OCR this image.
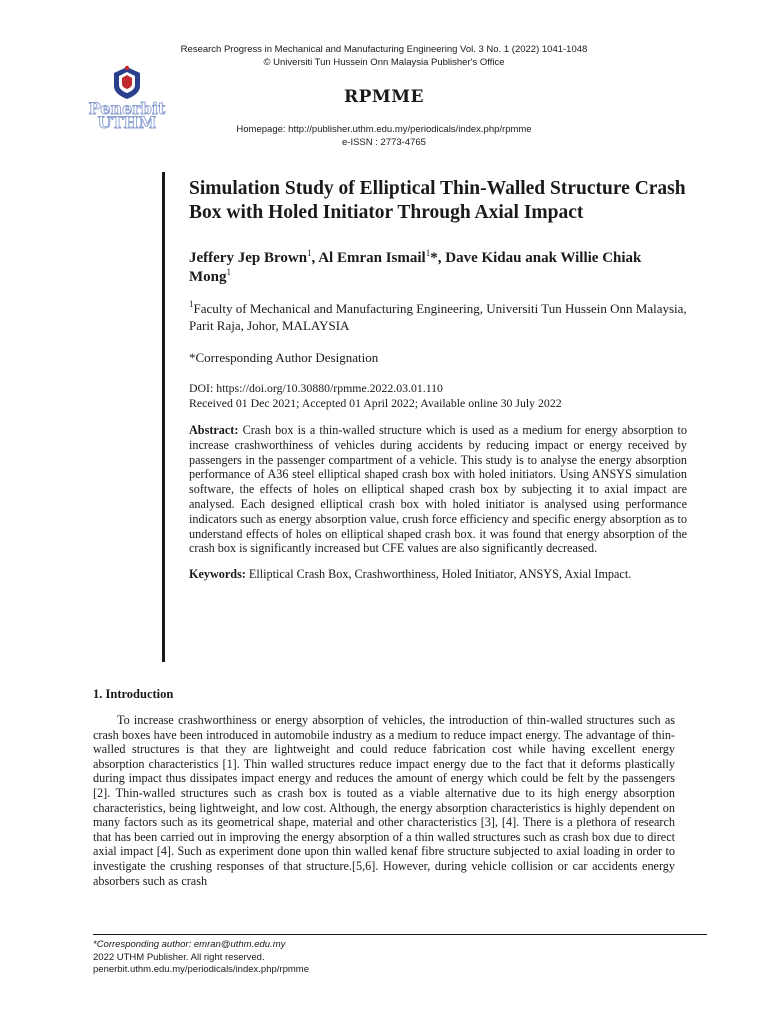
Research Progress in Mechanical and Manufacturing Engineering Vol. 3 No. 1 (2022) 1041-1048
© Universiti Tun Hussein Onn Malaysia Publisher's Office
Penerbit
UTHM
RPMME
Homepage: http://publisher.uthm.edu.my/periodicals/index.php/rpmme
e-ISSN : 2773-4765
Simulation Study of Elliptical Thin-Walled Structure Crash Box with Holed Initiator Through Axial Impact
Jeffery Jep Brown$^1$, Al Emran Ismail$^1$*, Dave Kidau anak Willie Chiak Mong$^1$
$^1$Faculty of Mechanical and Manufacturing Engineering, Universiti Tun Hussein Onn Malaysia, Parit Raja, Johor, MALAYSIA
*Corresponding Author Designation
DOI: https://doi.org/10.30880/rpmme.2022.03.01.110
Received 01 Dec 2021; Accepted 01 April 2022; Available online 30 July 2022
Abstract: Crash box is a thin-walled structure which is used as a medium for energy absorption to increase crashworthiness of vehicles during accidents by reducing impact or energy received by passengers in the passenger compartment of a vehicle. This study is to analyse the energy absorption performance of A36 steel elliptical shaped crash box with holed initiators. Using ANSYS simulation software, the effects of holes on elliptical shaped crash box by subjecting it to axial impact are analysed. Each designed elliptical crash box with holed initiator is analysed using performance indicators such as energy absorption value, crush force efficiency and specific energy absorption as to understand effects of holes on elliptical shaped crash box. it was found that energy absorption of the crash box is significantly increased but CFE values are also significantly decreased.
Keywords: Elliptical Crash Box, Crashworthiness, Holed Initiator, ANSYS, Axial Impact.
1. Introduction
To increase crashworthiness or energy absorption of vehicles, the introduction of thin-walled structures such as crash boxes have been introduced in automobile industry as a medium to reduce impact energy. The advantage of thin-walled structures is that they are lightweight and could reduce fabrication cost while having excellent energy absorption characteristics [1]. Thin walled structures reduce impact energy due to the fact that it deforms plastically during impact thus dissipates impact energy and reduces the amount of energy which could be felt by the passengers [2]. Thin-walled structures such as crash box is touted as a viable alternative due to its high energy absorption characteristics, being lightweight, and low cost. Although, the energy absorption characteristics is highly dependent on many factors such as its geometrical shape, material and other characteristics [3], [4]. There is a plethora of research that has been carried out in improving the energy absorption of a thin walled structures such as crash box due to direct axial impact [4]. Such as experiment done upon thin walled kenaf fibre structure subjected to axial loading in order to investigate the crushing responses of that structure.[5,6]. However, during vehicle collision or car accidents energy absorbers such as crash
*Corresponding author: emran@uthm.edu.my
2022 UTHM Publisher. All right reserved.
penerbit.uthm.edu.my/periodicals/index.php/rpmme
